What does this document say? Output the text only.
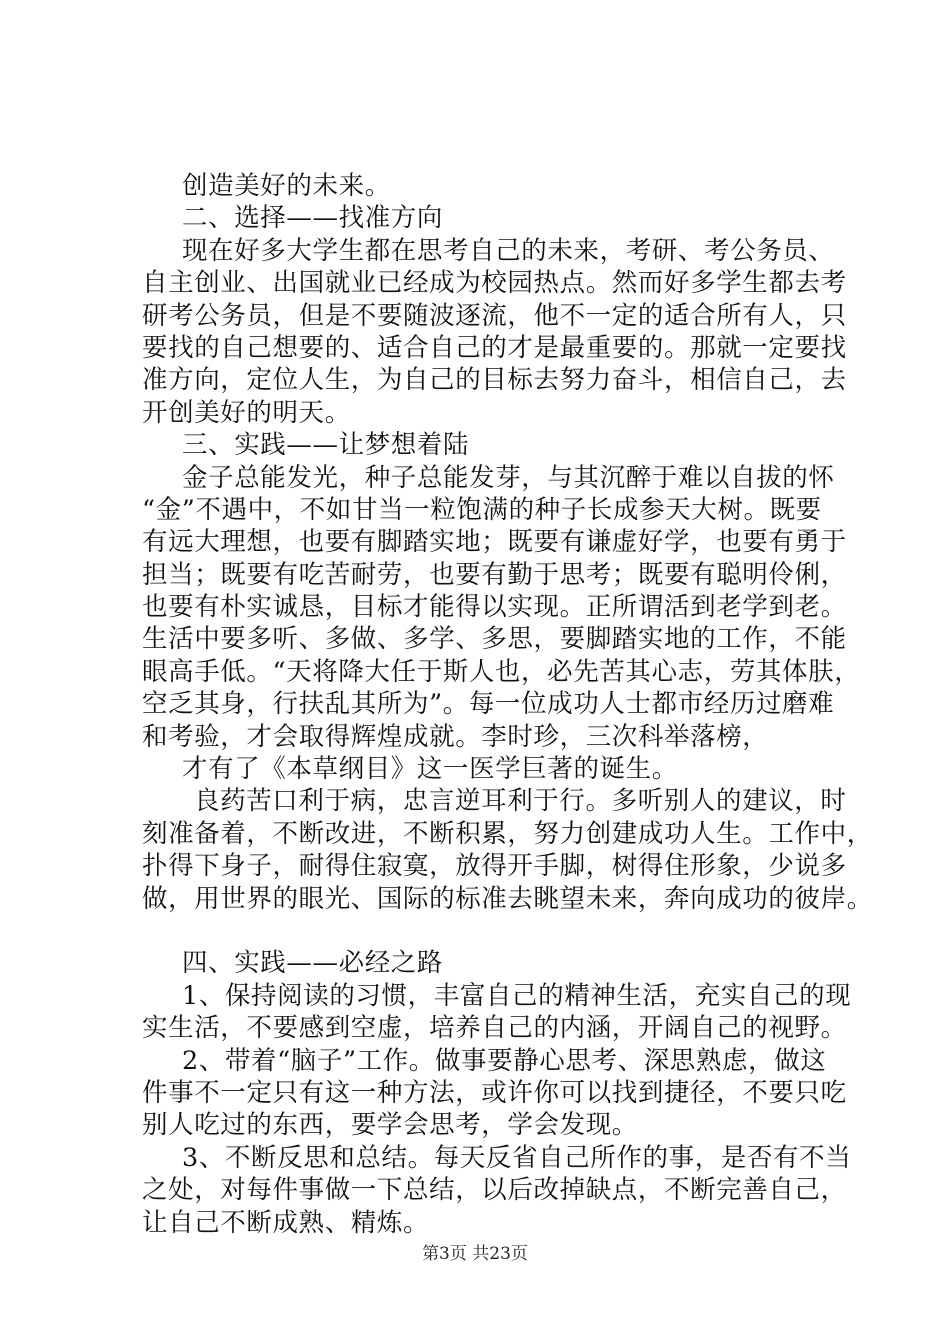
创造美好的未来。
二、选择——找准方向
现在好多大学生都在思考自己的未来，考研、考公务员、
自主创业、出国就业已经成为校园热点。然而好多学生都去考
研考公务员，但是不要随波逐流，他不一定的适合所有人，只
要找的自己想要的、适合自己的才是最重要的。那就一定要找
准方向，定位人生，为自己的目标去努力奋斗，相信自己，去
开创美好的明天。
三、实践——让梦想着陆
金子总能发光，种子总能发芽，与其沉醉于难以自拔的怀
“金”不遇中，不如甘当一粒饱满的种子长成参天大树。既要
有远大理想，也要有脚踏实地；既要有谦虚好学，也要有勇于
担当；既要有吃苦耐劳，也要有勤于思考；既要有聪明伶俐，
也要有朴实诚恳，目标才能得以实现。正所谓活到老学到老。
生活中要多听、多做、多学、多思，要脚踏实地的工作，不能
眼高手低。“天将降大任于斯人也，必先苦其心志，劳其体肤，
空乏其身，行扶乱其所为”。每一位成功人士都市经历过磨难
和考验，才会取得辉煌成就。李时珍，三次科举落榜，
才有了《本草纲目》这一医学巨著的诞生。
良药苦口利于病，忠言逆耳利于行。多听别人的建议，时
刻准备着，不断改进，不断积累，努力创建成功人生。工作中，
扑得下身子，耐得住寂寞，放得开手脚，树得住形象，少说多
做，用世界的眼光、国际的标准去眺望未来，奔向成功的彼岸。
四、实践——必经之路
1、保持阅读的习惯，丰富自己的精神生活，充实自己的现
实生活，不要感到空虚，培养自己的内涵，开阔自己的视野。
2、带着“脑子”工作。做事要静心思考、深思熟虑，做这
件事不一定只有这一种方法，或许你可以找到捷径，不要只吃
别人吃过的东西，要学会思考，学会发现。
3、不断反思和总结。每天反省自己所作的事，是否有不当
之处，对每件事做一下总结，以后改掉缺点，不断完善自己，
让自己不断成熟、精炼。
第3页 共23页
